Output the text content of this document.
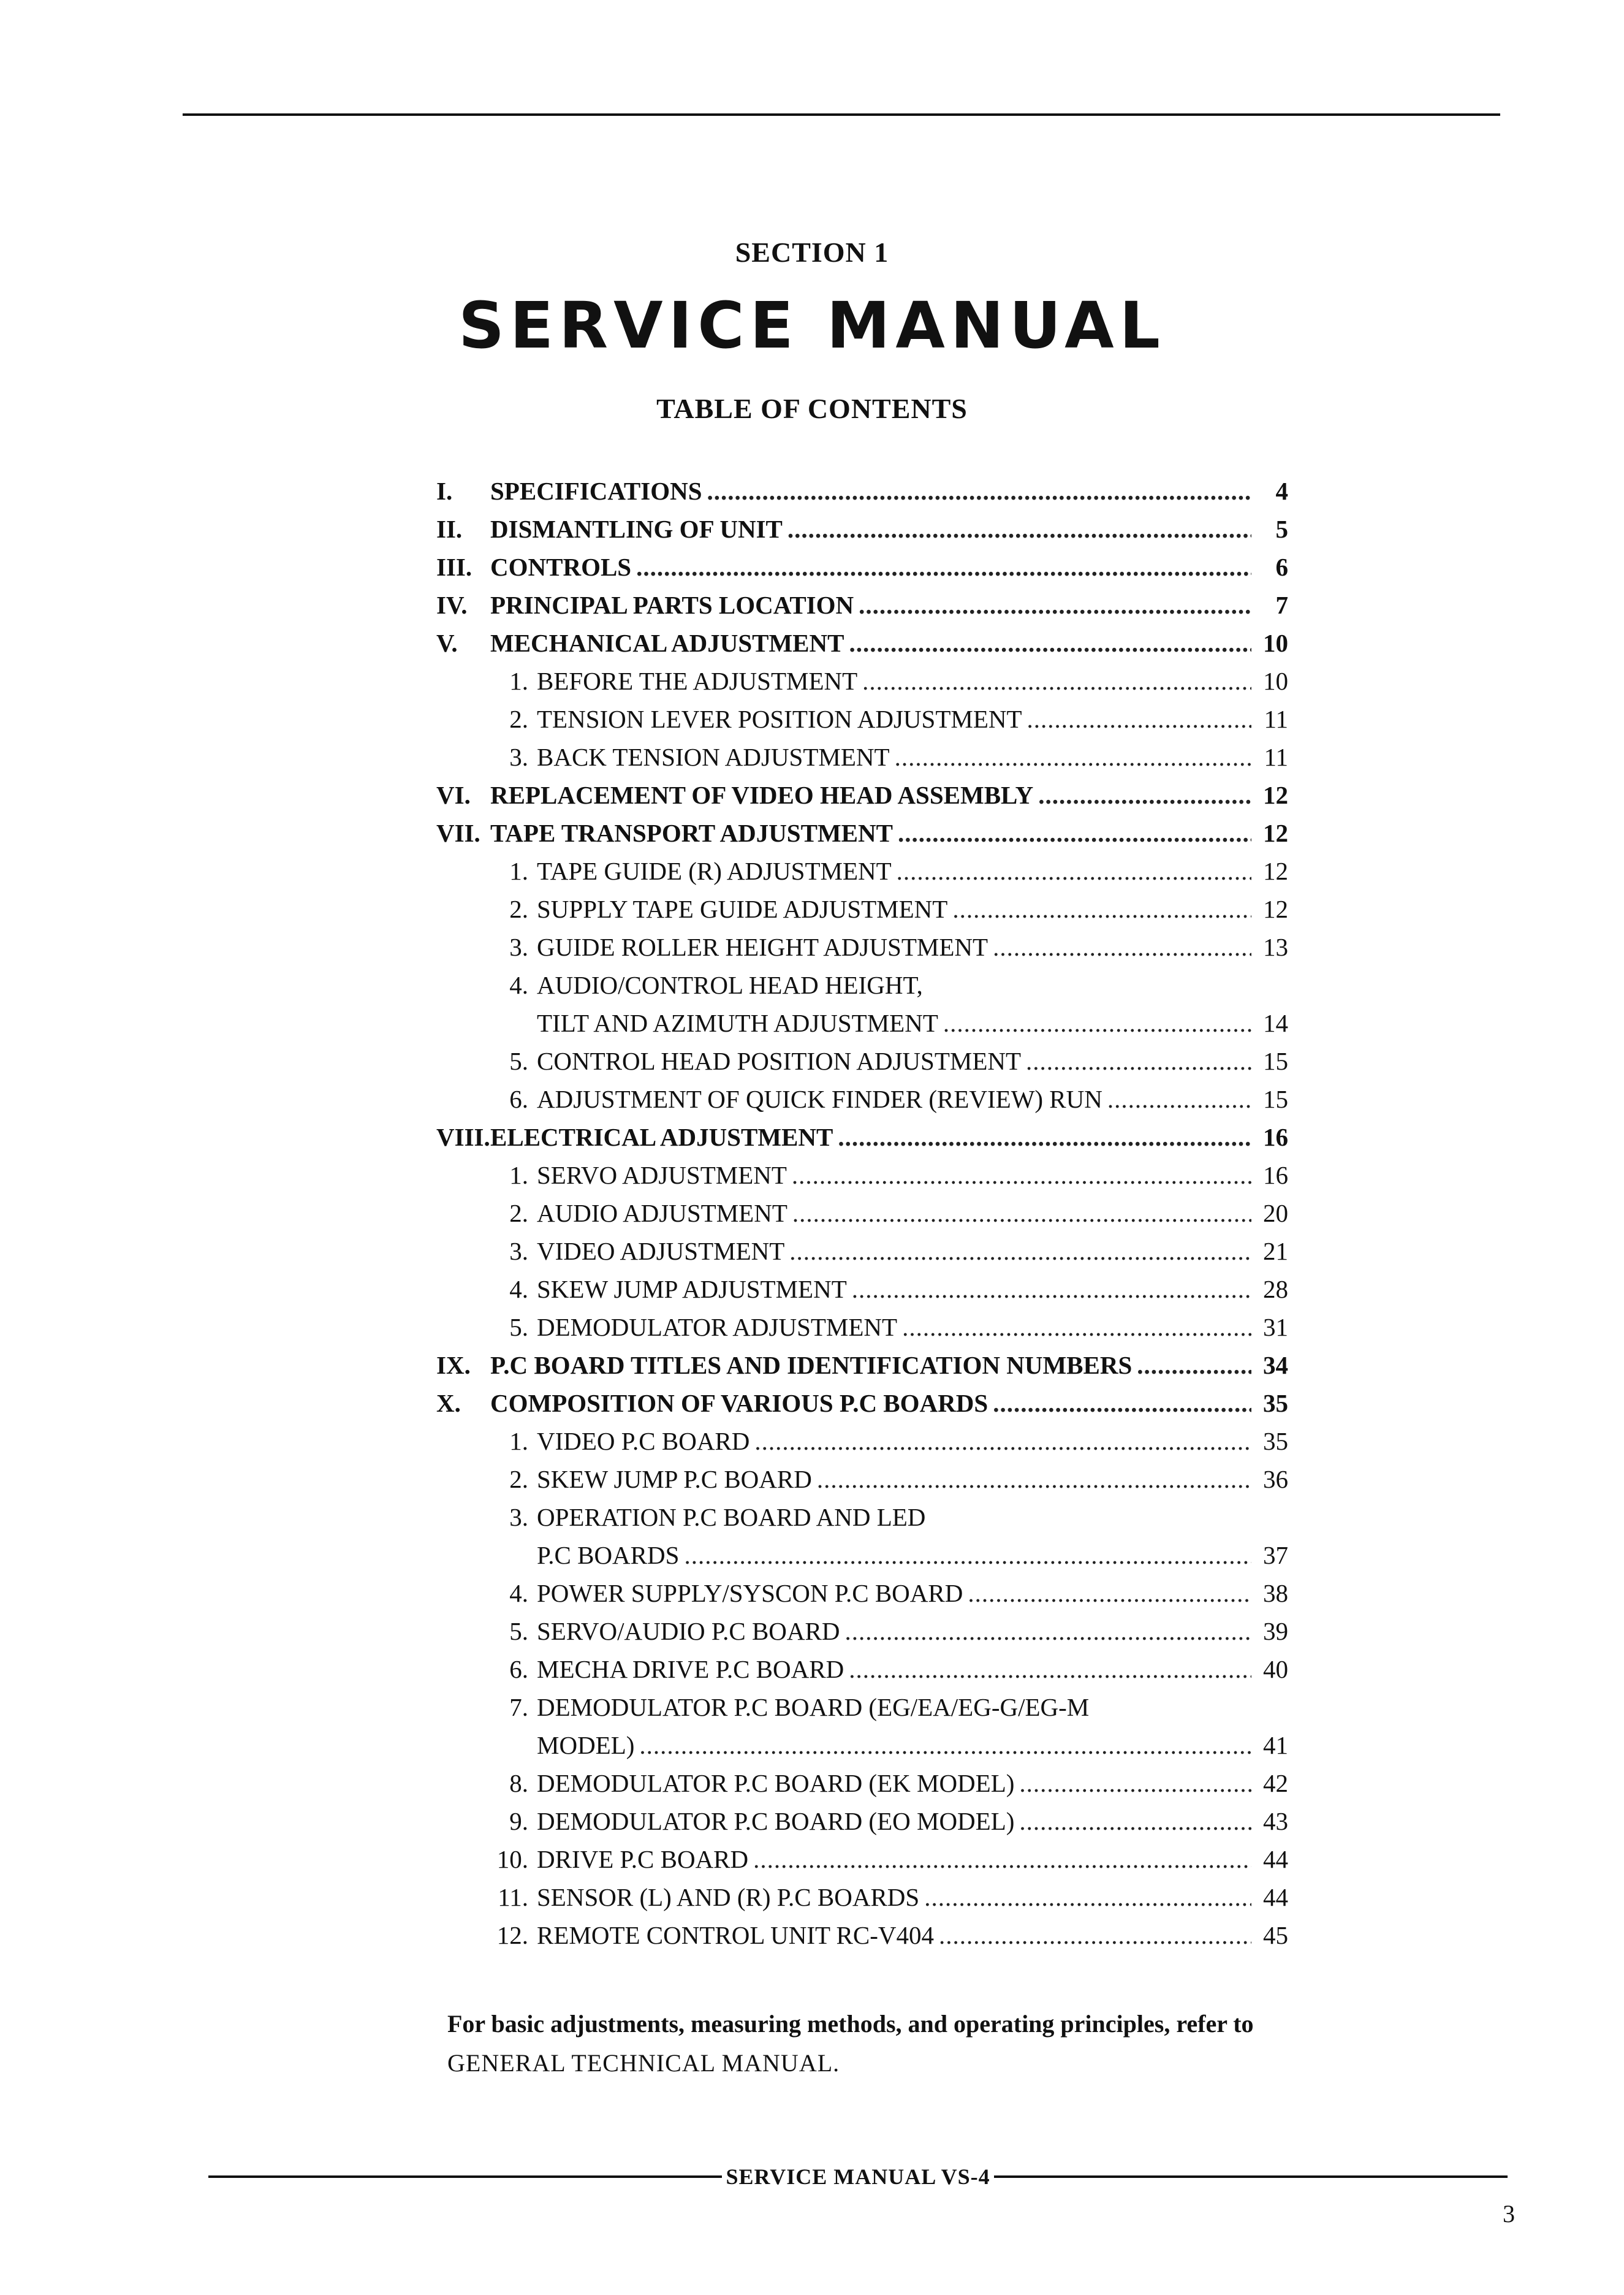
SECTION 1
SERVICE MANUAL
TABLE OF CONTENTS
I.	SPECIFICATIONS .....	4
II.	DISMANTLING OF UNIT .....	5
III. CONTROLS .....	6
IV. PRINCIPAL PARTS LOCATION .....	7
V.	MECHANICAL ADJUSTMENT .....	10
1. BEFORE THE ADJUSTMENT .....	10
2. TENSION LEVER POSITION ADJUSTMENT .....	11
3. BACK TENSION ADJUSTMENT .....	11
VI. REPLACEMENT OF VIDEO HEAD ASSEMBLY .....	12
VII. TAPE TRANSPORT ADJUSTMENT .....	12
1. TAPE GUIDE (R) ADJUSTMENT .....	12
2. SUPPLY TAPE GUIDE ADJUSTMENT .....	12
3. GUIDE ROLLER HEIGHT ADJUSTMENT .....	13
4. AUDIO/CONTROL HEAD HEIGHT,
TILT AND AZIMUTH ADJUSTMENT .....	14
5. CONTROL HEAD POSITION ADJUSTMENT .....	15
6. ADJUSTMENT OF QUICK FINDER (REVIEW) RUN .....	15
VIII. ELECTRICAL ADJUSTMENT .....	16
1. SERVO ADJUSTMENT .....	16
2. AUDIO ADJUSTMENT .....	20
3. VIDEO ADJUSTMENT .....	21
4. SKEW JUMP ADJUSTMENT .....	28
5. DEMODULATOR ADJUSTMENT .....	31
IX. P.C BOARD TITLES AND IDENTIFICATION NUMBERS .....	34
X.	COMPOSITION OF VARIOUS P.C BOARDS .....	35
1. VIDEO P.C BOARD .....	35
2. SKEW JUMP P.C BOARD .....	36
3. OPERATION P.C BOARD AND LED
P.C BOARDS .....	37
4. POWER SUPPLY/SYSCON P.C BOARD .....	38
5. SERVO/AUDIO P.C BOARD .....	39
6. MECHA DRIVE P.C BOARD .....	40
7. DEMODULATOR P.C BOARD (EG/EA/EG-G/EG-M
MODEL) .....	41
8. DEMODULATOR P.C BOARD (EK MODEL) .....	42
9. DEMODULATOR P.C BOARD (EO MODEL) .....	43
10. DRIVE P.C BOARD .....	44
11. SENSOR (L) AND (R) P.C BOARDS .....	44
12. REMOTE CONTROL UNIT RC-V404 .....	45
For basic adjustments, measuring methods, and operating principles, refer to
GENERAL TECHNICAL MANUAL.
SERVICE MANUAL VS-4
3
